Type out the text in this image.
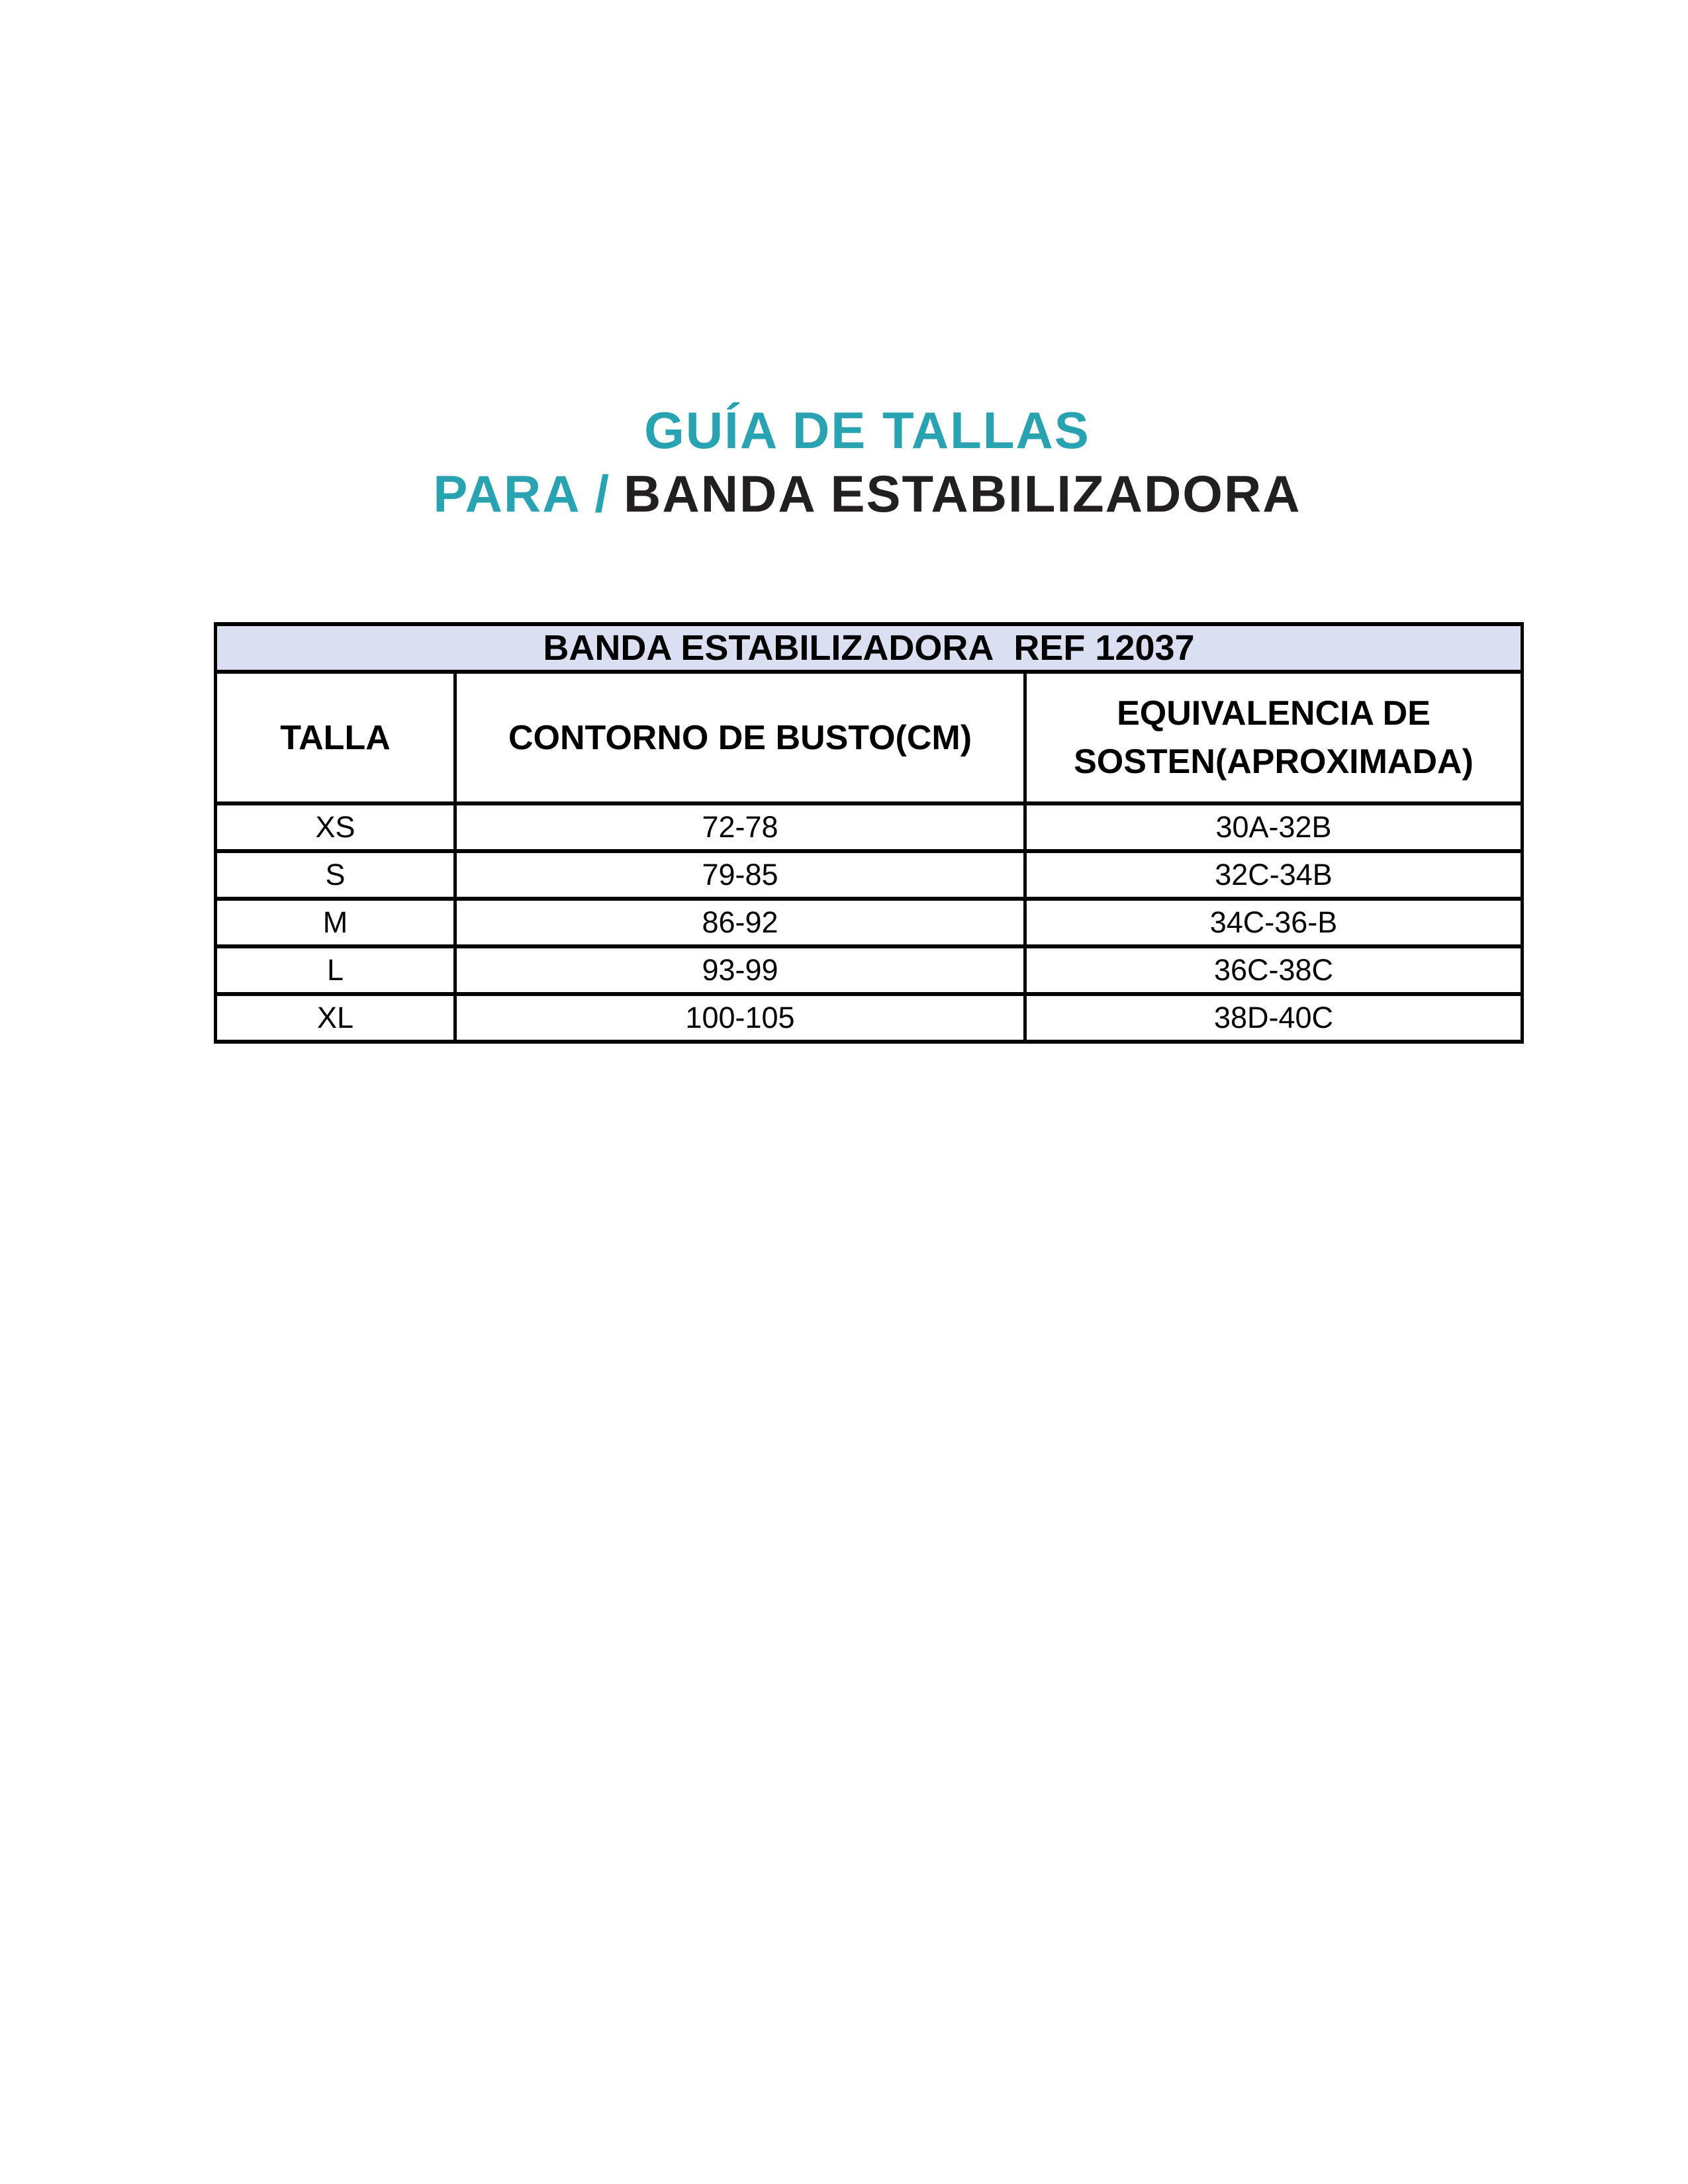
GUÍA DE TALLAS
PARA / BANDA ESTABILIZADORA
BANDA ESTABILIZADORA  REF 12037		
TALLA	CONTORNO DE BUSTO(CM)	EQUIVALENCIA DE
SOSTEN(APROXIMADA)

XS	72-78	30A-32B
S	79-85	32C-34B
M	86-92	34C-36-B
L	93-99	36C-38C
XL	100-105	38D-40C
